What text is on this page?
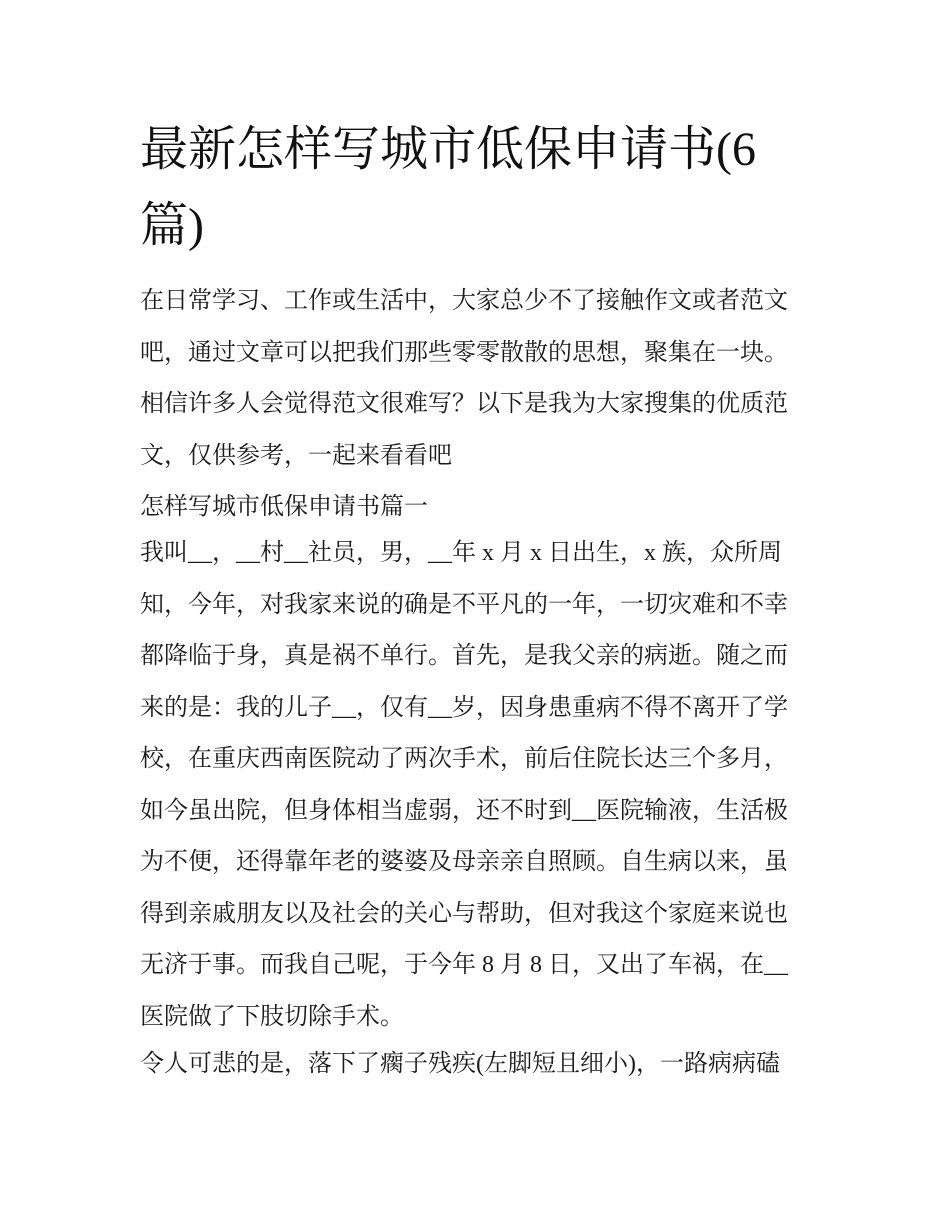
最新怎样写城市低保申请书(6
篇)
在日常学习、工作或生活中，大家总少不了接触作文或者范文
吧，通过文章可以把我们那些零零散散的思想，聚集在一块。
相信许多人会觉得范文很难写？以下是我为大家搜集的优质范
文，仅供参考，一起来看看吧
怎样写城市低保申请书篇一
我叫__，__村__社员，男，__年 x 月 x 日出生，x 族，众所周
知，今年，对我家来说的确是不平凡的一年，一切灾难和不幸
都降临于身，真是祸不单行。首先，是我父亲的病逝。随之而
来的是：我的儿子__，仅有__岁，因身患重病不得不离开了学
校，在重庆西南医院动了两次手术，前后住院长达三个多月，
如今虽出院，但身体相当虚弱，还不时到__医院输液，生活极
为不便，还得靠年老的婆婆及母亲亲自照顾。自生病以来，虽
得到亲戚朋友以及社会的关心与帮助，但对我这个家庭来说也
无济于事。而我自己呢，于今年 8 月 8 日，又出了车祸，在__
医院做了下肢切除手术。
令人可悲的是，落下了瘸子残疾(左脚短且细小)，一路病病磕
